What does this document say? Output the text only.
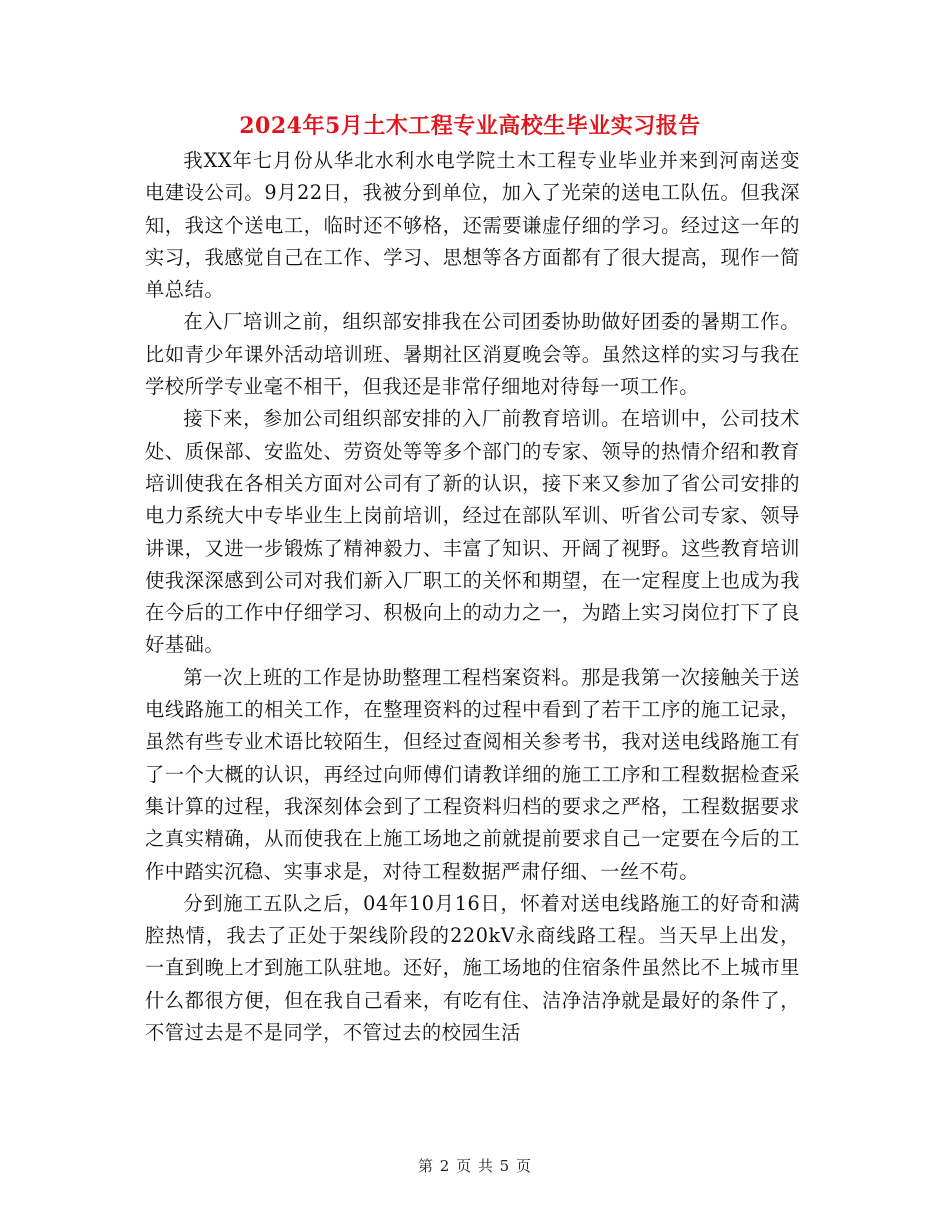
2024年5月土木工程专业高校生毕业实习报告

我XX年七月份从华北水利水电学院土木工程专业毕业并来到河南送变电建设公司。9月22日，我被分到单位，加入了光荣的送电工队伍。但我深知，我这个送电工，临时还不够格，还需要谦虚仔细的学习。经过这一年的实习，我感觉自己在工作、学习、思想等各方面都有了很大提高，现作一简单总结。

在入厂培训之前，组织部安排我在公司团委协助做好团委的暑期工作。比如青少年课外活动培训班、暑期社区消夏晚会等。虽然这样的实习与我在学校所学专业毫不相干，但我还是非常仔细地对待每一项工作。

接下来，参加公司组织部安排的入厂前教育培训。在培训中，公司技术处、质保部、安监处、劳资处等等多个部门的专家、领导的热情介绍和教育培训使我在各相关方面对公司有了新的认识，接下来又参加了省公司安排的电力系统大中专毕业生上岗前培训，经过在部队军训、听省公司专家、领导讲课，又进一步锻炼了精神毅力、丰富了知识、开阔了视野。这些教育培训使我深深感到公司对我们新入厂职工的关怀和期望，在一定程度上也成为我在今后的工作中仔细学习、积极向上的动力之一，为踏上实习岗位打下了良好基础。

第一次上班的工作是协助整理工程档案资料。那是我第一次接触关于送电线路施工的相关工作，在整理资料的过程中看到了若干工序的施工记录，虽然有些专业术语比较陌生，但经过查阅相关参考书，我对送电线路施工有了一个大概的认识，再经过向师傅们请教详细的施工工序和工程数据检查采集计算的过程，我深刻体会到了工程资料归档的要求之严格，工程数据要求之真实精确，从而使我在上施工场地之前就提前要求自己一定要在今后的工作中踏实沉稳、实事求是，对待工程数据严肃仔细、一丝不苟。

分到施工五队之后，04年10月16日，怀着对送电线路施工的好奇和满腔热情，我去了正处于架线阶段的220kV永商线路工程。当天早上出发，一直到晚上才到施工队驻地。还好，施工场地的住宿条件虽然比不上城市里什么都很方便，但在我自己看来，有吃有住、洁净洁净就是最好的条件了，不管过去是不是同学，不管过去的校园生活

第 2 页 共 5 页
